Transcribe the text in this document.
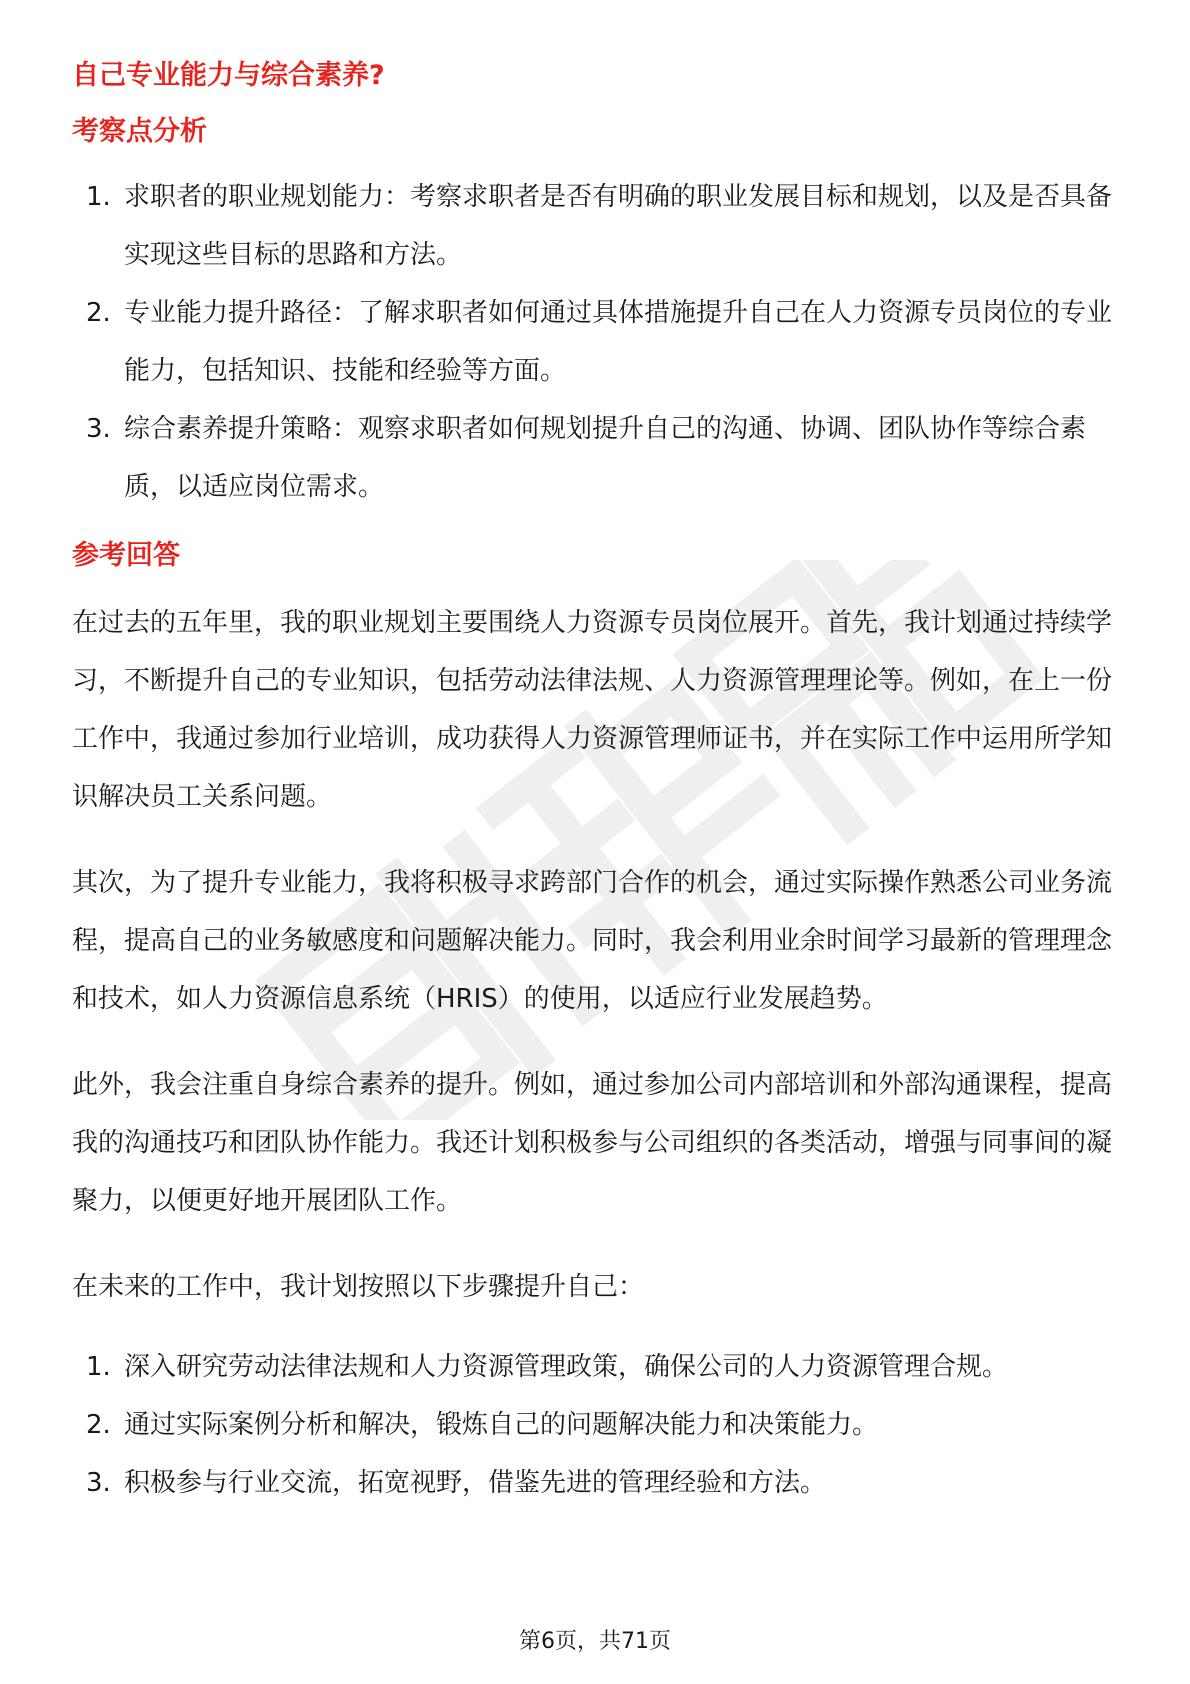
自己专业能力与综合素养?
考察点分析
1. 求职者的职业规划能力：考察求职者是否有明确的职业发展目标和规划，以及是否具备实现这些目标的思路和方法。
2. 专业能力提升路径：了解求职者如何通过具体措施提升自己在人力资源专员岗位的专业能力，包括知识、技能和经验等方面。
3. 综合素养提升策略：观察求职者如何规划提升自己的沟通、协调、团队协作等综合素质，以适应岗位需求。
参考回答

在过去的五年里，我的职业规划主要围绕人力资源专员岗位展开。首先，我计划通过持续学习，不断提升自己的专业知识，包括劳动法律法规、人力资源管理理论等。例如，在上一份工作中，我通过参加行业培训，成功获得人力资源管理师证书，并在实际工作中运用所学知识解决员工关系问题。

其次，为了提升专业能力，我将积极寻求跨部门合作的机会，通过实际操作熟悉公司业务流程，提高自己的业务敏感度和问题解决能力。同时，我会利用业余时间学习最新的管理理念和技术，如人力资源信息系统（HRIS）的使用，以适应行业发展趋势。

此外，我会注重自身综合素养的提升。例如，通过参加公司内部培训和外部沟通课程，提高我的沟通技巧和团队协作能力。我还计划积极参与公司组织的各类活动，增强与同事间的凝聚力，以便更好地开展团队工作。

在未来的工作中，我计划按照以下步骤提升自己：

1. 深入研究劳动法律法规和人力资源管理政策，确保公司的人力资源管理合规。
2. 通过实际案例分析和解决，锻炼自己的问题解决能力和决策能力。
3. 积极参与行业交流，拓宽视野，借鉴先进的管理经验和方法。
第6页，共71页
